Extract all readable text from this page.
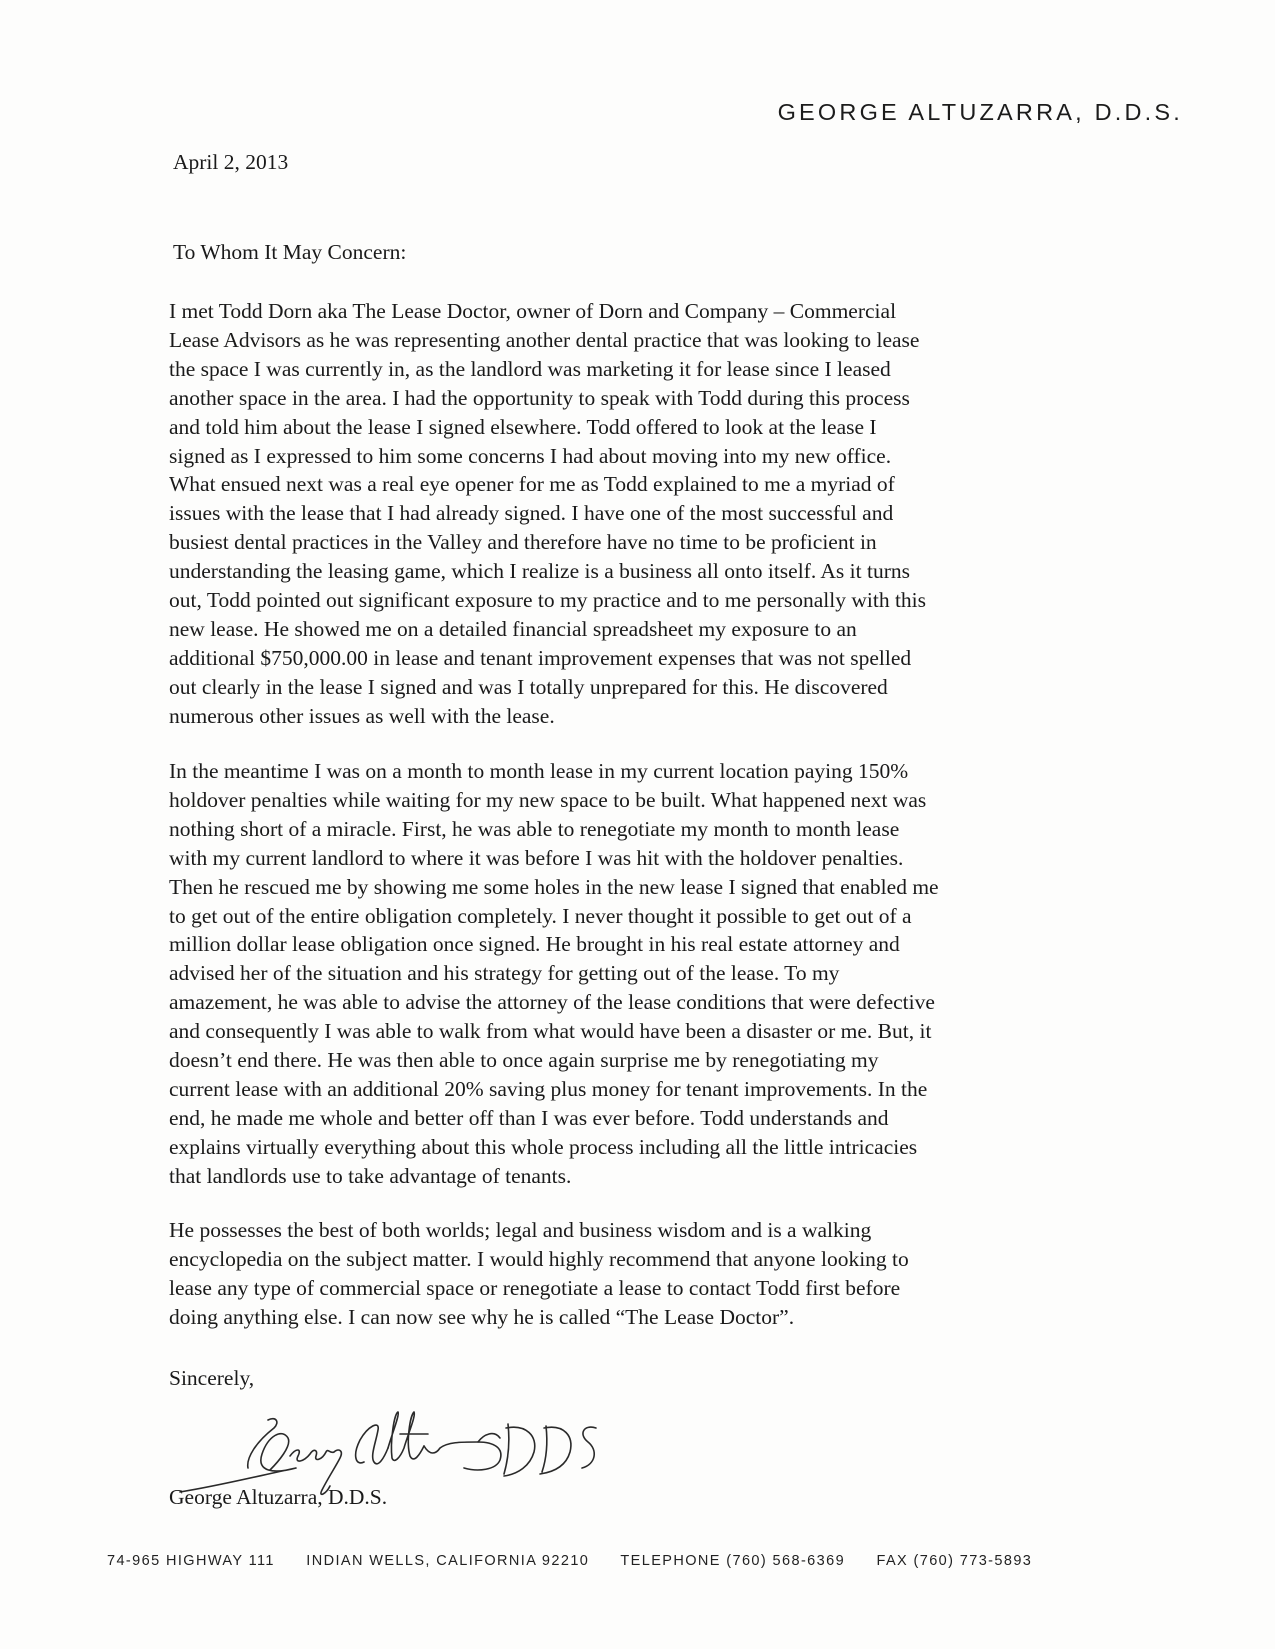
GEORGE ALTUZARRA, D.D.S.
April 2, 2013
To Whom It May Concern:
I met Todd Dorn aka The Lease Doctor, owner of Dorn and Company – Commercial
Lease Advisors as he was representing another dental practice that was looking to lease
the space I was currently in, as the landlord was marketing it for lease since I leased
another space in the area. I had the opportunity to speak with Todd during this process
and told him about the lease I signed elsewhere. Todd offered to look at the lease I
signed as I expressed to him some concerns I had about moving into my new office.
What ensued next was a real eye opener for me as Todd explained to me a myriad of
issues with the lease that I had already signed. I have one of the most successful and
busiest dental practices in the Valley and therefore have no time to be proficient in
understanding the leasing game, which I realize is a business all onto itself. As it turns
out, Todd pointed out significant exposure to my practice and to me personally with this
new lease. He showed me on a detailed financial spreadsheet my exposure to an
additional $750,000.00 in lease and tenant improvement expenses that was not spelled
out clearly in the lease I signed and was I totally unprepared for this. He discovered
numerous other issues as well with the lease.
In the meantime I was on a month to month lease in my current location paying 150%
holdover penalties while waiting for my new space to be built. What happened next was
nothing short of a miracle. First, he was able to renegotiate my month to month lease
with my current landlord to where it was before I was hit with the holdover penalties.
Then he rescued me by showing me some holes in the new lease I signed that enabled me
to get out of the entire obligation completely. I never thought it possible to get out of a
million dollar lease obligation once signed. He brought in his real estate attorney and
advised her of the situation and his strategy for getting out of the lease. To my
amazement, he was able to advise the attorney of the lease conditions that were defective
and consequently I was able to walk from what would have been a disaster or me. But, it
doesn’t end there. He was then able to once again surprise me by renegotiating my
current lease with an additional 20% saving plus money for tenant improvements. In the
end, he made me whole and better off than I was ever before. Todd understands and
explains virtually everything about this whole process including all the little intricacies
that landlords use to take advantage of tenants.
He possesses the best of both worlds; legal and business wisdom and is a walking
encyclopedia on the subject matter. I would highly recommend that anyone looking to
lease any type of commercial space or renegotiate a lease to contact Todd first before
doing anything else. I can now see why he is called “The Lease Doctor”.
Sincerely,
George Altuzarra, D.D.S.
74-965 HIGHWAY 111 INDIAN WELLS, CALIFORNIA 92210 TELEPHONE (760) 568-6369 FAX (760) 773-5893
